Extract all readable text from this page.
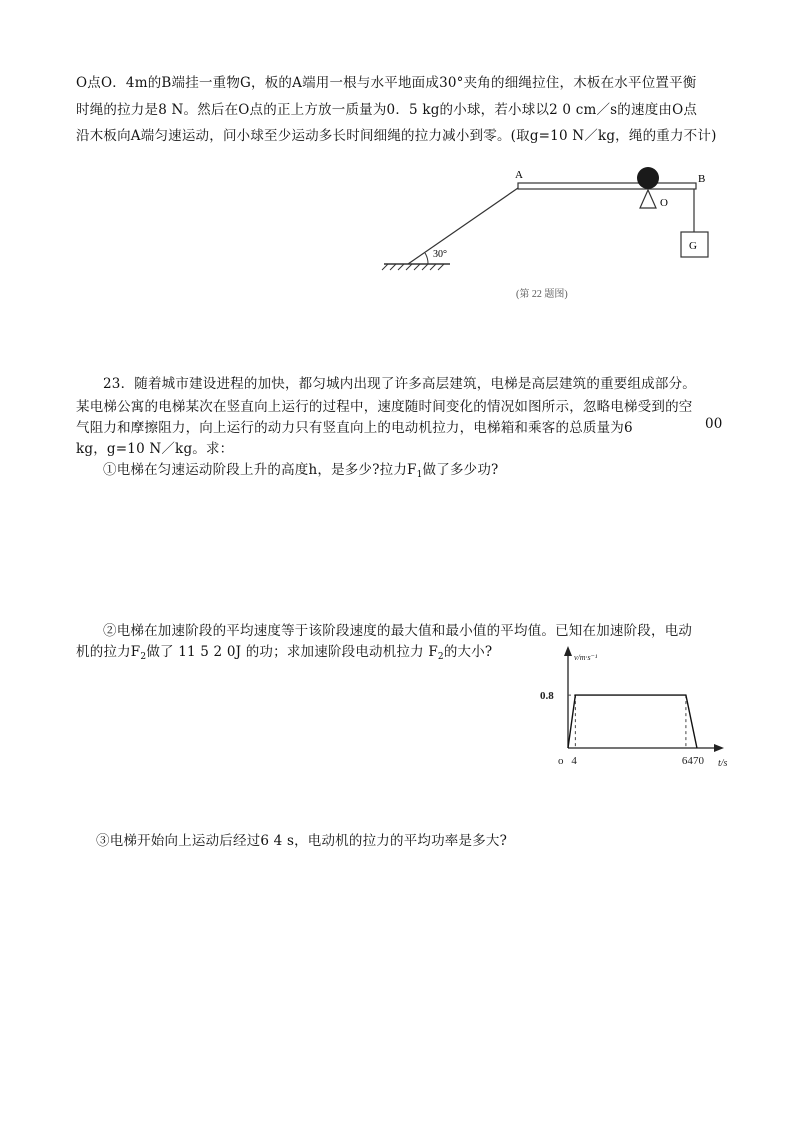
O点O．4m的B端挂一重物G，板的A端用一根与水平地面成30°夹角的细绳拉住，木板在水平位置平衡
时绳的拉力是8 N。然后在O点的正上方放一质量为0．5 kg的小球，若小球以2 0 cm／s的速度由O点
沿木板向A端匀速运动，问小球至少运动多长时间细绳的拉力减小到零。(取g=10 N／kg，绳的重力不计)
A	B
O
G
30°
(第 22 题图)
23．随着城市建设进程的加快，都匀城内出现了许多高层建筑，电梯是高层建筑的重要组成部分。
某电梯公寓的电梯某次在竖直向上运行的过程中，速度随时间变化的情况如图所示，忽略电梯受到的空
气阻力和摩擦阻力，向上运行的动力只有竖直向上的电动机拉力，电梯箱和乘客的总质量为6	00
kg，g=10 N／kg。求：
①电梯在匀速运动阶段上升的高度h，是多少?拉力$F_1$做了多少功?
②电梯在加速阶段的平均速度等于该阶段速度的最大值和最小值的平均值。已知在加速阶段，电动
机的拉力$F_2$做了 11 5 2 0J 的功；求加速阶段电动机拉力 $F_2$的大小?
③电梯开始向上运动后经过6 4 s，电动机的拉力的平均功率是多大?
o 4	64 70
0.8
t/s
v/m·s⁻¹
